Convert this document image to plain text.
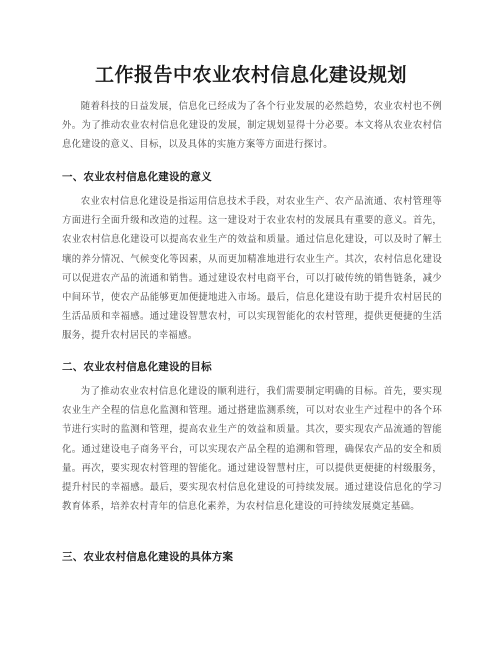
工作报告中农业农村信息化建设规划
随着科技的日益发展，信息化已经成为了各个行业发展的必然趋势，农业农村也不例外。为了推动农业农村信息化建设的发展，制定规划显得十分必要。本文将从农业农村信息化建设的意义、目标，以及具体的实施方案等方面进行探讨。
一、农业农村信息化建设的意义
农业农村信息化建设是指运用信息技术手段，对农业生产、农产品流通、农村管理等方面进行全面升级和改造的过程。这一建设对于农业农村的发展具有重要的意义。首先，农业农村信息化建设可以提高农业生产的效益和质量。通过信息化建设，可以及时了解土壤的养分情况、气候变化等因素，从而更加精准地进行农业生产。其次，农村信息化建设可以促进农产品的流通和销售。通过建设农村电商平台，可以打破传统的销售链条，减少中间环节，使农产品能够更加便捷地进入市场。最后，信息化建设有助于提升农村居民的生活品质和幸福感。通过建设智慧农村，可以实现智能化的农村管理，提供更便捷的生活服务，提升农村居民的幸福感。
二、农业农村信息化建设的目标
为了推动农业农村信息化建设的顺利进行，我们需要制定明确的目标。首先，要实现农业生产全程的信息化监测和管理。通过搭建监测系统，可以对农业生产过程中的各个环节进行实时的监测和管理，提高农业生产的效益和质量。其次，要实现农产品流通的智能化。通过建设电子商务平台，可以实现农产品全程的追溯和管理，确保农产品的安全和质量。再次，要实现农村管理的智能化。通过建设智慧村庄，可以提供更便捷的村级服务，提升村民的幸福感。最后，要实现农村信息化建设的可持续发展。通过建设信息化的学习教育体系，培养农村青年的信息化素养，为农村信息化建设的可持续发展奠定基础。
三、农业农村信息化建设的具体方案
